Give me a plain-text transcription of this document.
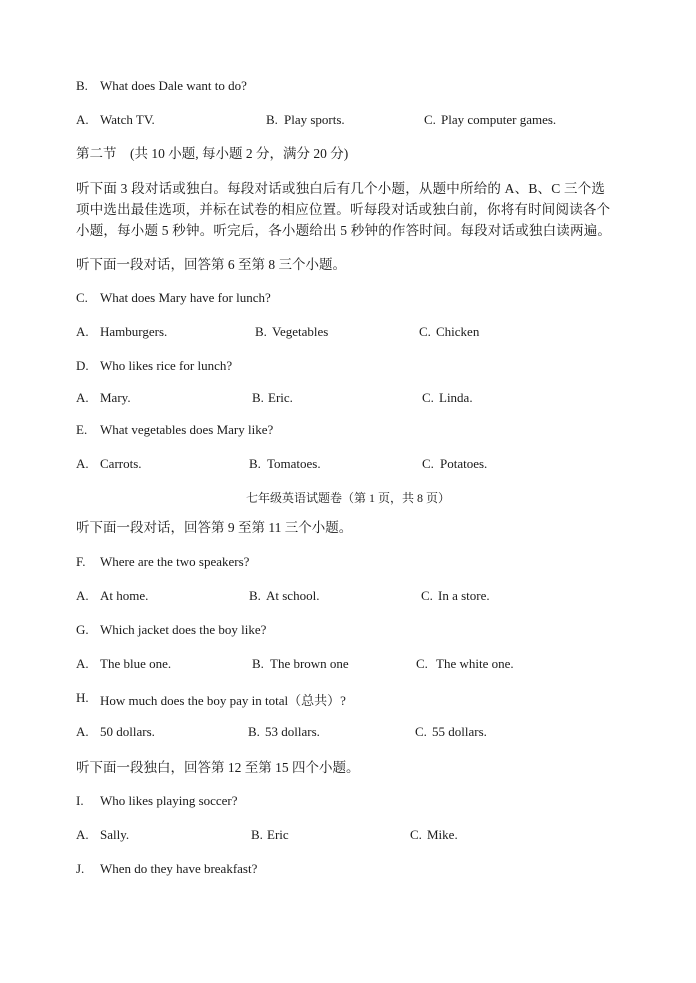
B. What does Dale want to do?
A. Watch TV.	B. Play sports.	C. Play computer games.
第二节　(共 10 小题, 每小题 2 分，满分 20 分)

听下面 3 段对话或独白。每段对话或独白后有几个小题，从题中所给的 A、B、C 三个选

项中选出最佳选项，并标在试卷的相应位置。听每段对话或独白前，你将有时间阅读各个

小题，每小题 5 秒钟。听完后，各小题给出 5 秒钟的作答时间。每段对话或独白读两遍。

听下面一段对话，回答第 6 至第 8 三个小题。
C. What does Mary have for lunch?
A. Hamburgers.	B. Vegetables	C. Chicken
D. Who likes rice for lunch?
A. Mary.	B. Eric.	C. Linda.
E. What vegetables does Mary like?
A. Carrots.	B. Tomatoes.	C. Potatoes.
七年级英语试题卷（第 1 页，共 8 页）
听下面一段对话，回答第 9 至第 11 三个小题。
F. Where are the two speakers?
A. At home.	B. At school.	C. In a store.
G. Which jacket does the boy like?
A. The blue one.	B. The brown one	C. The white one.
H. How much does the boy pay in total（总共）?
A. 50 dollars.	B. 53 dollars.	C. 55 dollars.
听下面一段独白，回答第 12 至第 15 四个小题。
I. Who likes playing soccer?
A. Sally.	B. Eric	C. Mike.
J. When do they have breakfast?
